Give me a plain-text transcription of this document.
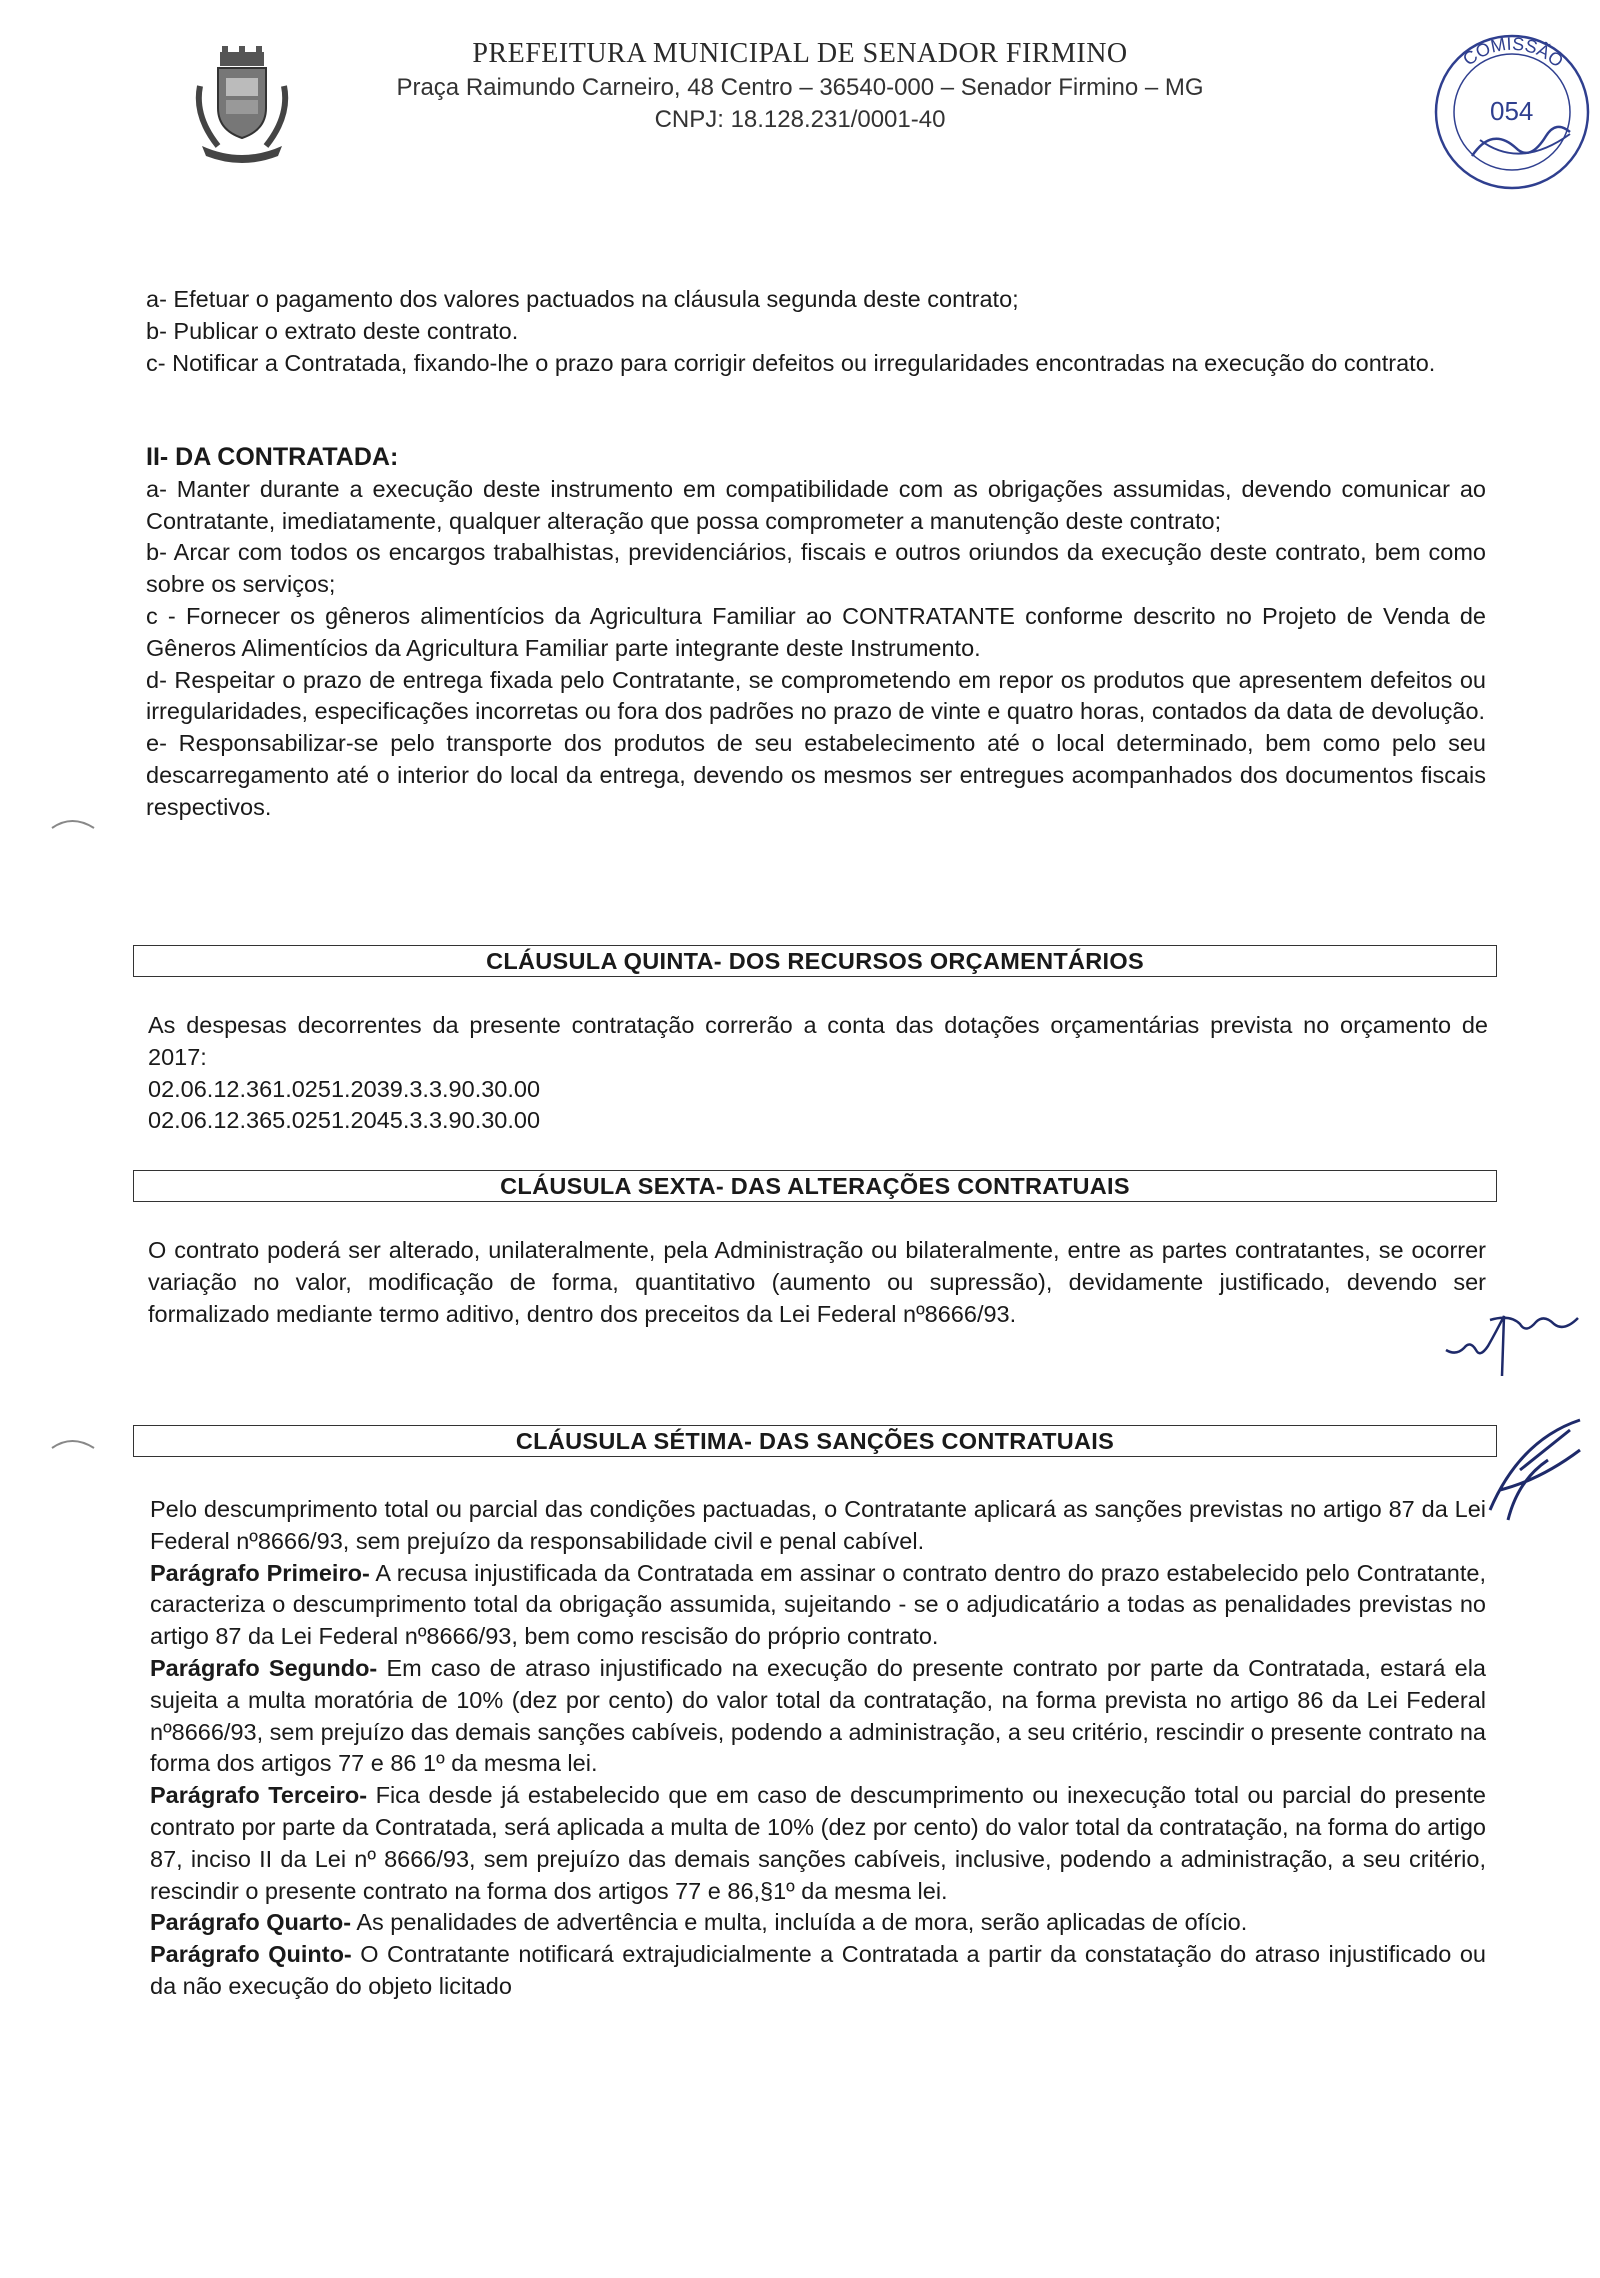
PREFEITURA MUNICIPAL DE SENADOR FIRMINO
Praça Raimundo Carneiro, 48 Centro – 36540-000 – Senador Firmino – MG
CNPJ: 18.128.231/0001-40
COMISSÃO
054

a- Efetuar o pagamento dos valores pactuados na cláusula segunda deste contrato;

b- Publicar o extrato deste contrato.

c- Notificar a Contratada, fixando-lhe o prazo para corrigir defeitos ou irregularidades encontradas na execução do contrato.

II- DA CONTRATADA:

a- Manter durante a execução deste instrumento em compatibilidade com as obrigações assumidas, devendo comunicar ao Contratante, imediatamente, qualquer alteração que possa comprometer a manutenção deste contrato;

b- Arcar com todos os encargos trabalhistas, previdenciários, fiscais e outros oriundos da execução deste contrato, bem como sobre os serviços;

c - Fornecer os gêneros alimentícios da Agricultura Familiar ao CONTRATANTE conforme descrito no Projeto de Venda de Gêneros Alimentícios da Agricultura Familiar parte integrante deste Instrumento.

d- Respeitar o prazo de entrega fixada pelo Contratante, se comprometendo em repor os produtos que apresentem defeitos ou irregularidades, especificações incorretas ou fora dos padrões no prazo de vinte e quatro horas, contados da data de devolução.

e- Responsabilizar-se pelo transporte dos produtos de seu estabelecimento até o local determinado, bem como pelo seu descarregamento até o interior do local da entrega, devendo os mesmos ser entregues acompanhados dos documentos fiscais respectivos.

CLÁUSULA QUINTA- DOS RECURSOS ORÇAMENTÁRIOS

As despesas decorrentes da presente contratação correrão a conta das dotações orçamentárias prevista no orçamento de 2017:

02.06.12.361.0251.2039.3.3.90.30.00

02.06.12.365.0251.2045.3.3.90.30.00

CLÁUSULA SEXTA- DAS ALTERAÇÕES CONTRATUAIS

O contrato poderá ser alterado, unilateralmente, pela Administração ou bilateralmente, entre as partes contratantes, se ocorrer variação no valor, modificação de forma, quantitativo (aumento ou supressão), devidamente justificado, devendo ser formalizado mediante termo aditivo, dentro dos preceitos da Lei Federal nº8666/93.

CLÁUSULA SÉTIMA- DAS SANÇÕES CONTRATUAIS

Pelo descumprimento total ou parcial das condições pactuadas, o Contratante aplicará as sanções previstas no artigo 87 da Lei Federal nº8666/93, sem prejuízo da responsabilidade civil e penal cabível.

Parágrafo Primeiro- A recusa injustificada da Contratada em assinar o contrato dentro do prazo estabelecido pelo Contratante, caracteriza o descumprimento total da obrigação assumida, sujeitando - se o adjudicatário a todas as penalidades previstas no artigo 87 da Lei Federal nº8666/93, bem como rescisão do próprio contrato.

Parágrafo Segundo- Em caso de atraso injustificado na execução do presente contrato por parte da Contratada, estará ela sujeita a multa moratória de 10% (dez por cento) do valor total da contratação, na forma prevista no artigo 86 da Lei Federal nº8666/93, sem prejuízo das demais sanções cabíveis, podendo a administração, a seu critério, rescindir o presente contrato na forma dos artigos 77 e 86 1º da mesma lei.

Parágrafo Terceiro- Fica desde já estabelecido que em caso de descumprimento ou inexecução total ou parcial do presente contrato por parte da Contratada, será aplicada a multa de 10% (dez por cento) do valor total da contratação, na forma do artigo 87, inciso II da Lei nº 8666/93, sem prejuízo das demais sanções cabíveis, inclusive, podendo a administração, a seu critério, rescindir o presente contrato na forma dos artigos 77 e 86,§1º da mesma lei.

Parágrafo Quarto- As penalidades de advertência e multa, incluída a de mora, serão aplicadas de ofício.

Parágrafo Quinto- O Contratante notificará extrajudicialmente a Contratada a partir da constatação do atraso injustificado ou da não execução do objeto licitado
